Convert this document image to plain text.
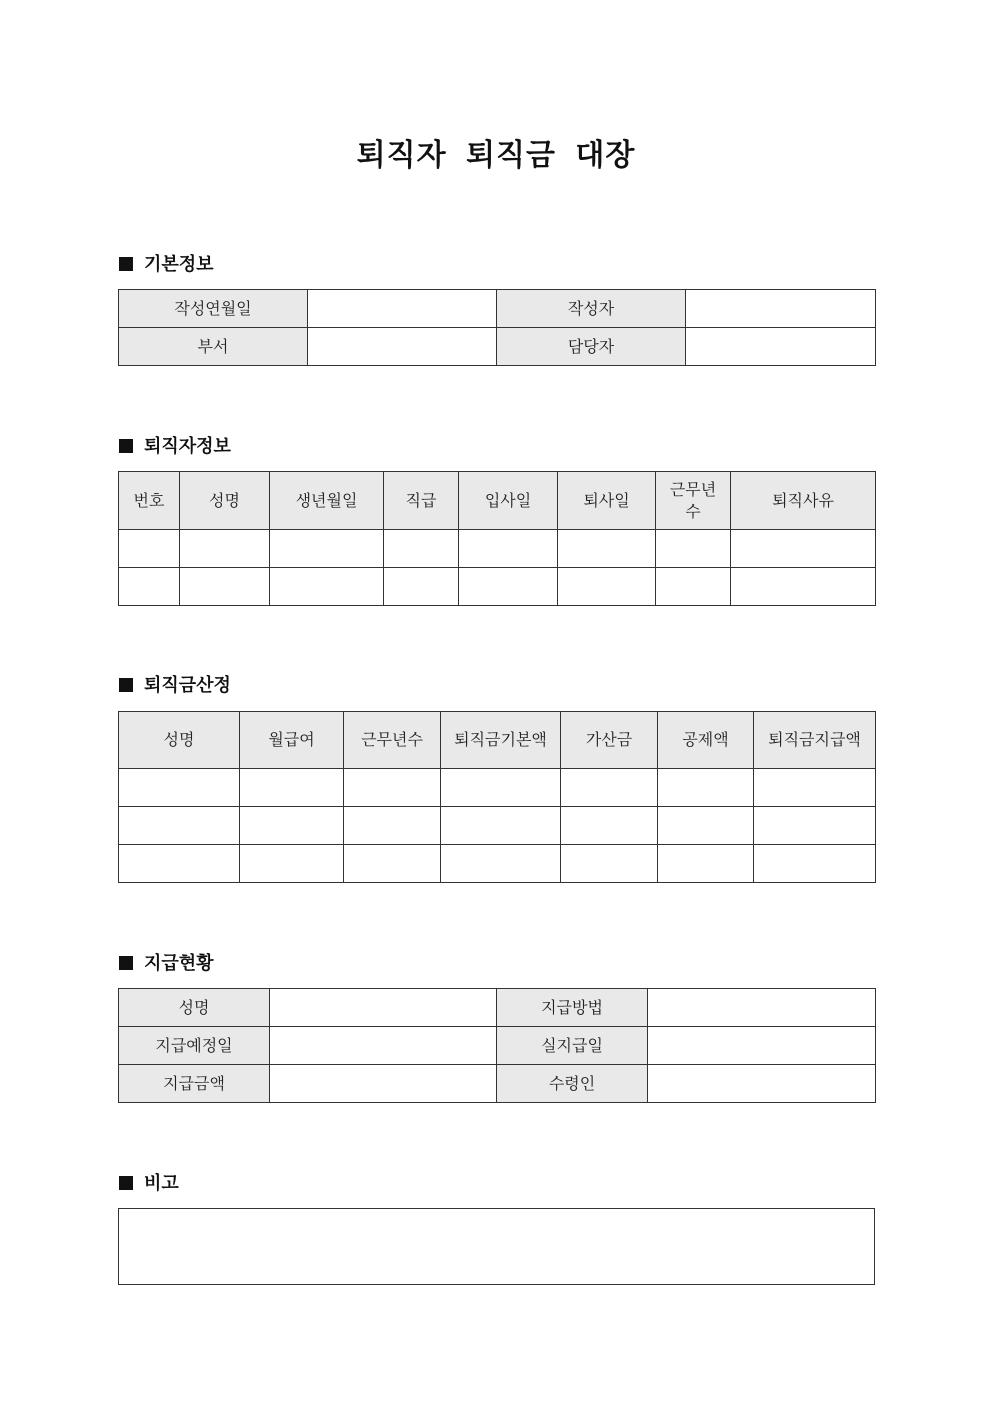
퇴직자 퇴직금 대장
기본정보
작성연월일		작성자	
부서		담당자	
퇴직자정보
번호	성명	생년월일	직급	입사일	퇴사일	근무년수	퇴직사유

퇴직금산정
성명	월급여	근무년수	퇴직금기본액	가산금	공제액	퇴직금지급액

지급현황
성명		지급방법	
지급예정일		실지급일	
지급금액		수령인	
비고
